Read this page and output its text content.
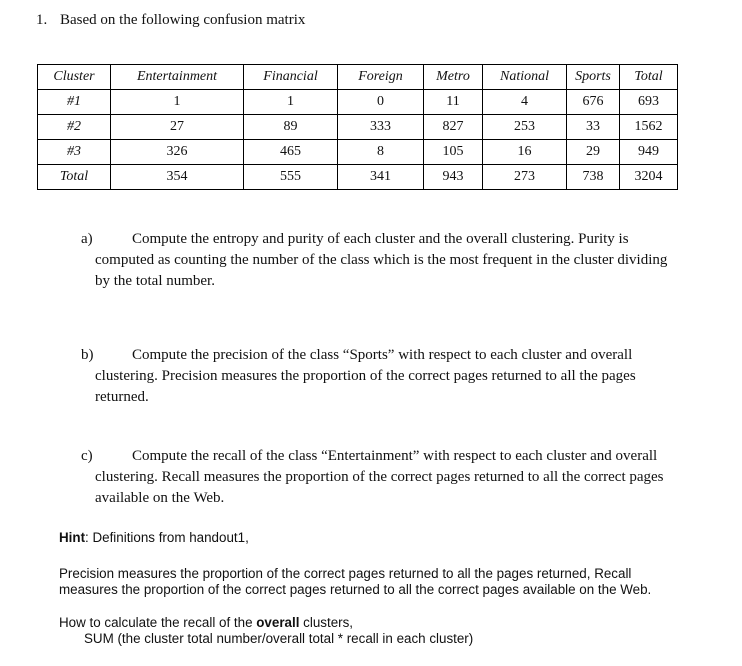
1. Based on the following confusion matrix
Cluster	Entertainment	Financial	Foreign	Metro	National	Sports	Total
#1	1	1	0	11	4	676	693
#2	27	89	333	827	253	33	1562
#3	326	465	8	105	16	29	949
Total	354	555	341	943	273	738	3204
a)	Compute the entropy and purity of each cluster and the overall clustering. Purity is computed as counting the number of the class which is the most frequent in the cluster dividing by the total number.
b)	Compute the precision of the class “Sports” with respect to each cluster and overall clustering. Precision measures the proportion of the correct pages returned to all the pages returned.
c)	Compute the recall of the class “Entertainment” with respect to each cluster and overall clustering. Recall measures the proportion of the correct pages returned to all the correct pages available on the Web.
Hint: Definitions from handout1,
Precision measures the proportion of the correct pages returned to all the pages returned, Recall
measures the proportion of the correct pages returned to all the correct pages available on the Web.
How to calculate the recall of the overall clusters,
SUM (the cluster total number/overall total * recall in each cluster)
